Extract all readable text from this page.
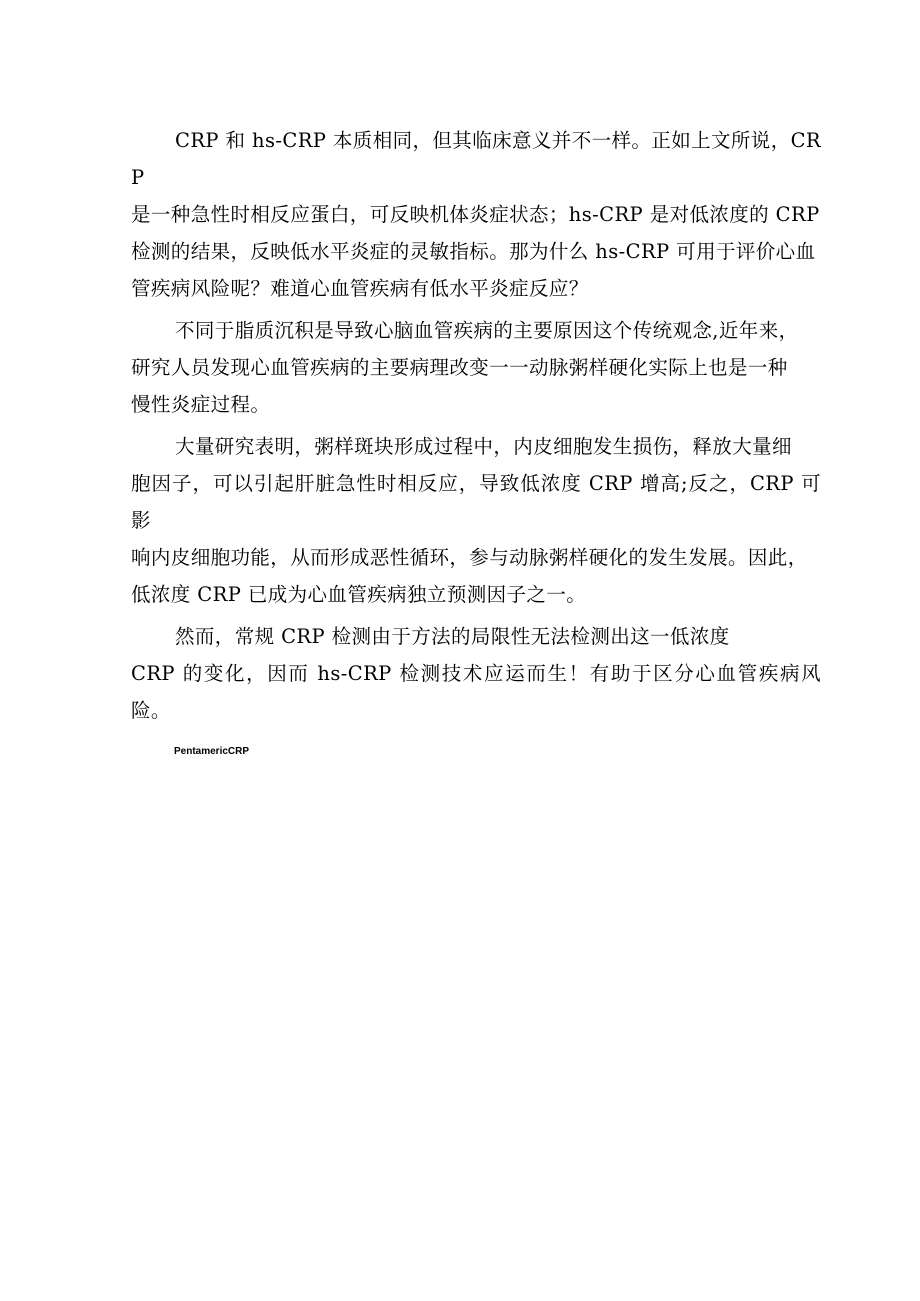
CRP 和 hs-CRP 本质相同，但其临床意义并不一样。正如上文所说，CRP
是一种急性时相反应蛋白，可反映机体炎症状态；hs-CRP 是对低浓度的 CRP
检测的结果，反映低水平炎症的灵敏指标。那为什么 hs-CRP 可用于评价心血
管疾病风险呢？难道心血管疾病有低水平炎症反应？

不同于脂质沉积是导致心脑血管疾病的主要原因这个传统观念,近年来，
研究人员发现心血管疾病的主要病理改变一一动脉粥样硬化实际上也是一种
慢性炎症过程。

大量研究表明，粥样斑块形成过程中，内皮细胞发生损伤，释放大量细
胞因子，可以引起肝脏急性时相反应，导致低浓度 CRP 增高;反之，CRP 可影
响内皮细胞功能，从而形成恶性循环，参与动脉粥样硬化的发生发展。因此，
低浓度 CRP 已成为心血管疾病独立预测因子之一。

然而，常规 CRP 检测由于方法的局限性无法检测出这一低浓度
CRP 的变化，因而 hs-CRP 检测技术应运而生！有助于区分心血管疾病风险。

PentamericCRP
